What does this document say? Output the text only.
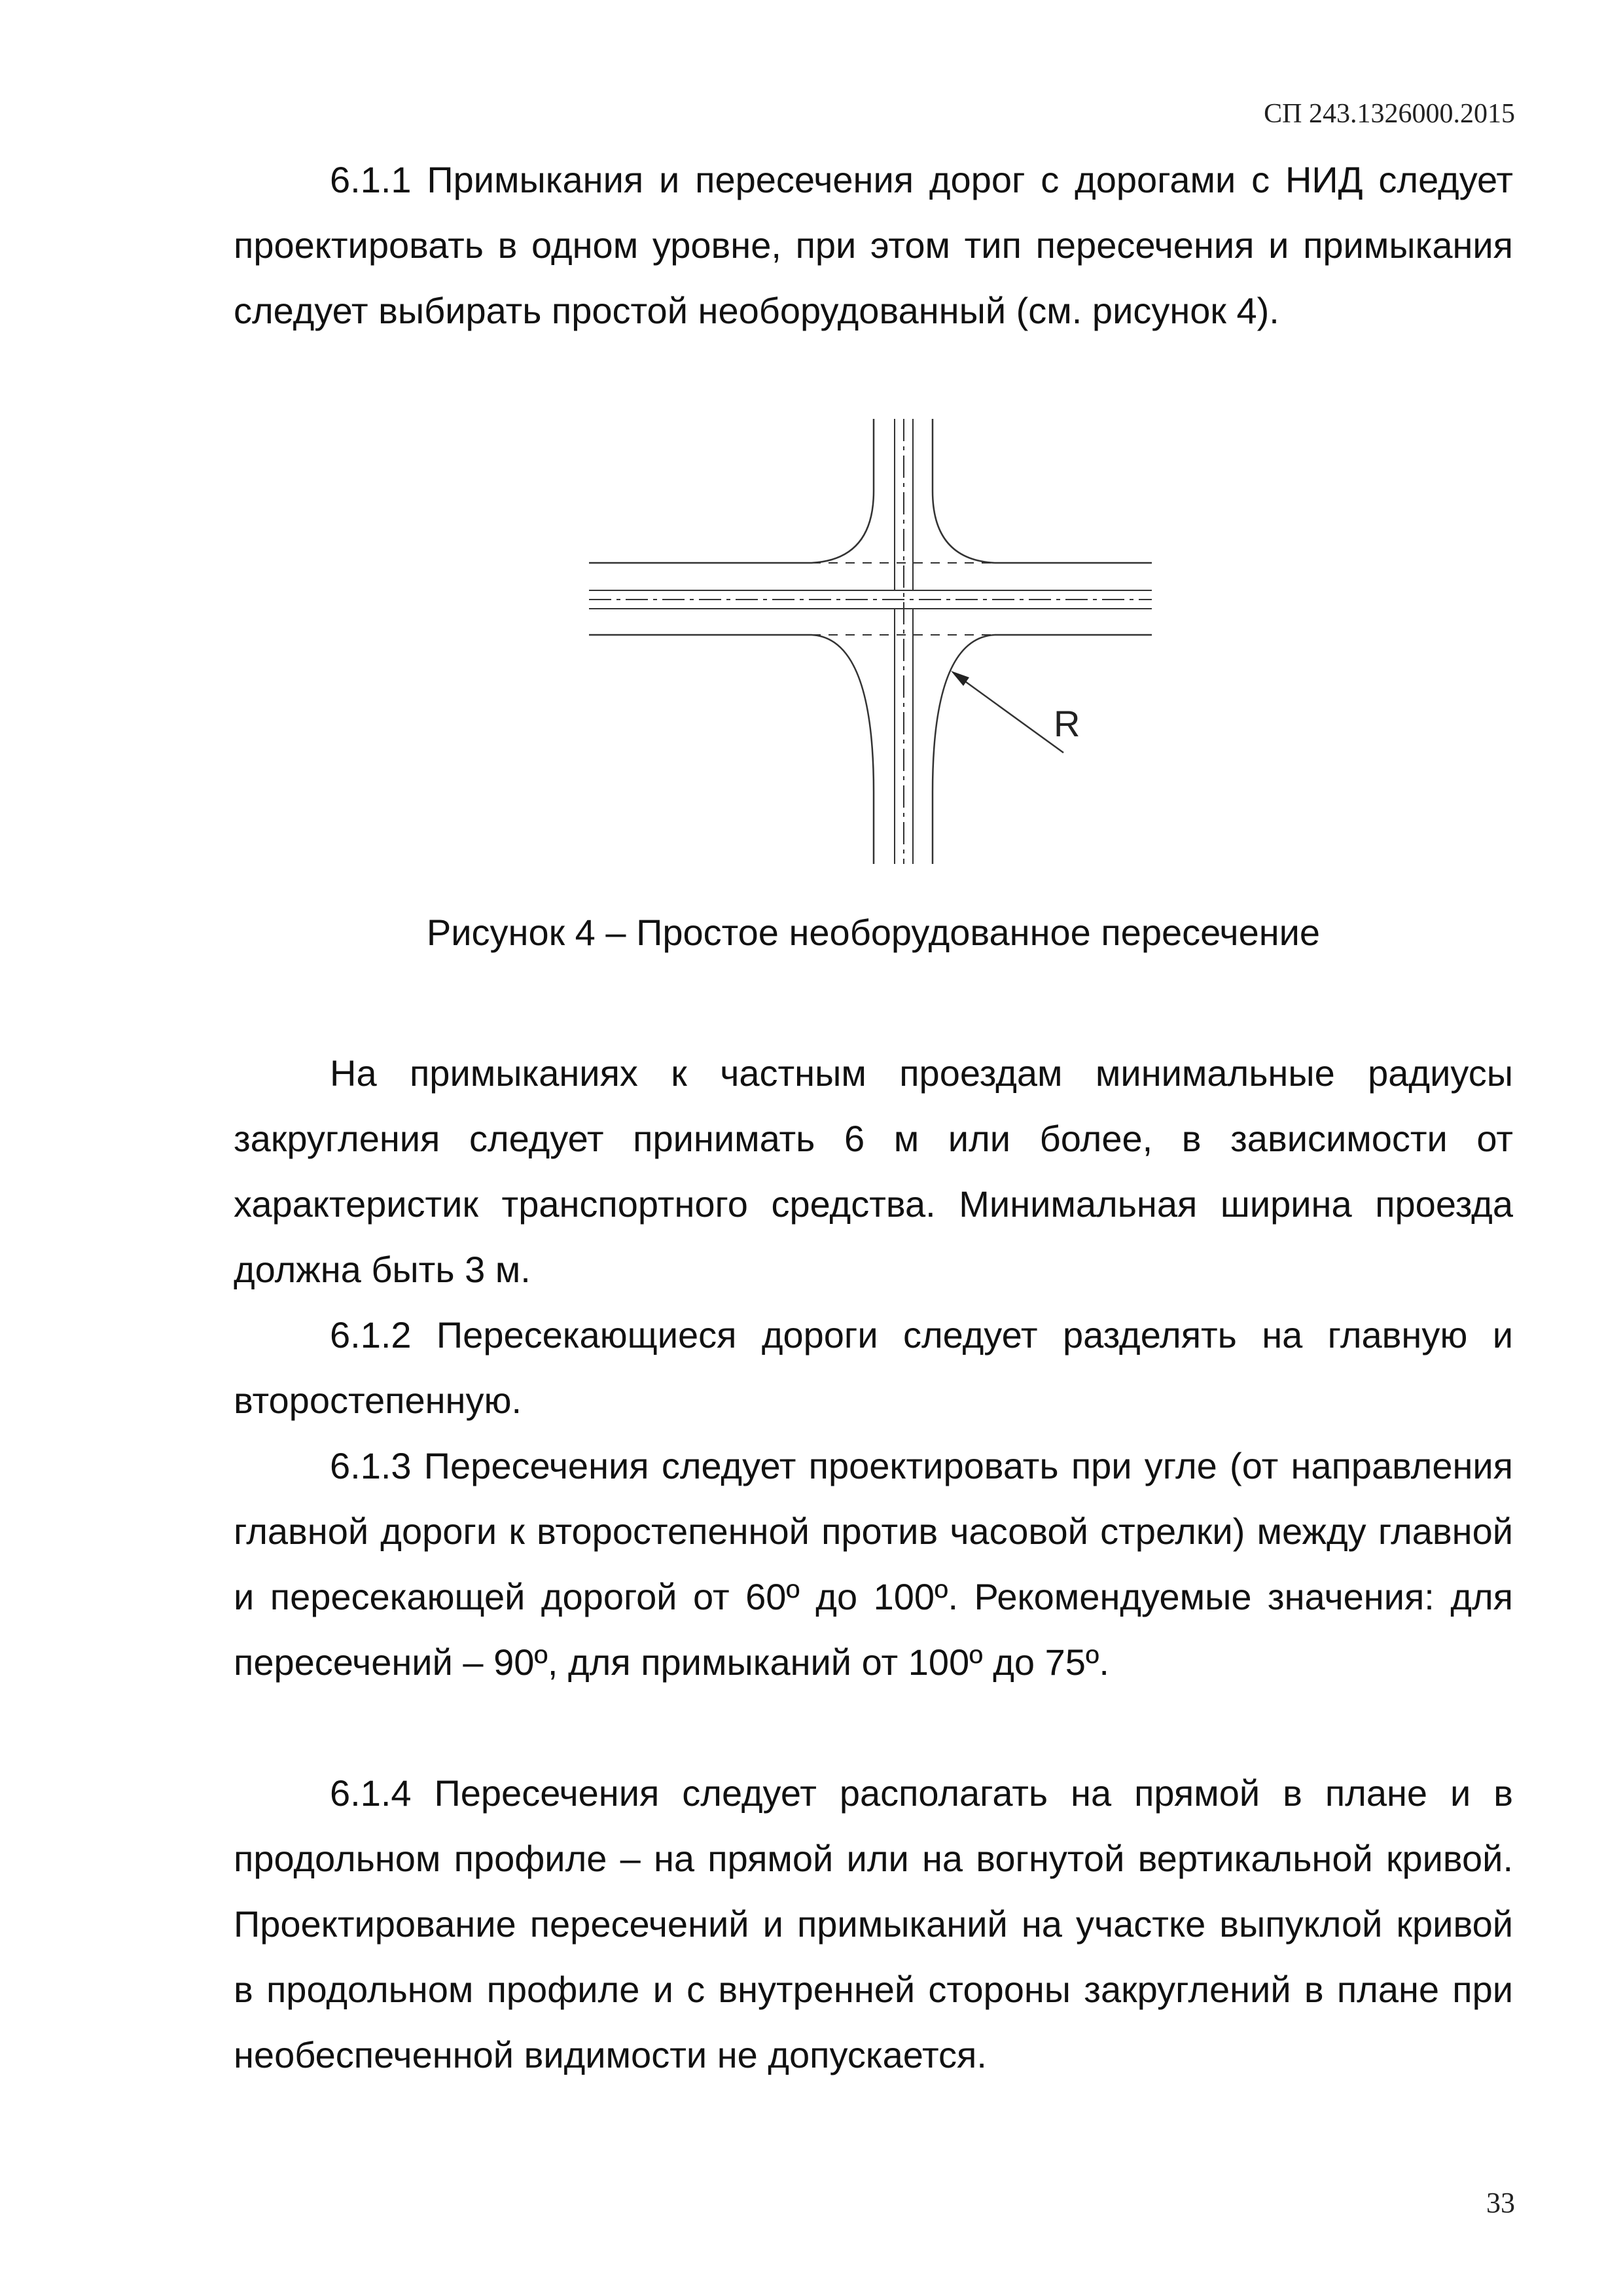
СП 243.1326000.2015

6.1.1 Примыкания и пересечения дорог с дорогами с НИД следует проектировать в одном уровне, при этом тип пересечения и примыкания следует выбирать простой необорудованный (см. рисунок 4).

R
Рисунок 4 – Простое необорудованное пересечение

На примыканиях к частным проездам минимальные радиусы закругления следует принимать 6 м или более, в зависимости от характеристик транспортного средства. Минимальная ширина проезда должна быть 3 м.

6.1.2 Пересекающиеся дороги следует разделять на главную и второстепенную.

6.1.3 Пересечения следует проектировать при угле (от направления главной дороги к второстепенной против часовой стрелки) между главной и пересекающей дорогой от 60º до 100º. Рекомендуемые значения: для пересечений – 90º, для примыканий от 100º до 75º.

6.1.4 Пересечения следует располагать на прямой в плане и в продольном профиле – на прямой или на вогнутой вертикальной кривой. Проектирование пересечений и примыканий на участке выпуклой кривой в продольном профиле и с внутренней стороны закруглений в плане при необеспеченной видимости не допускается.

33
